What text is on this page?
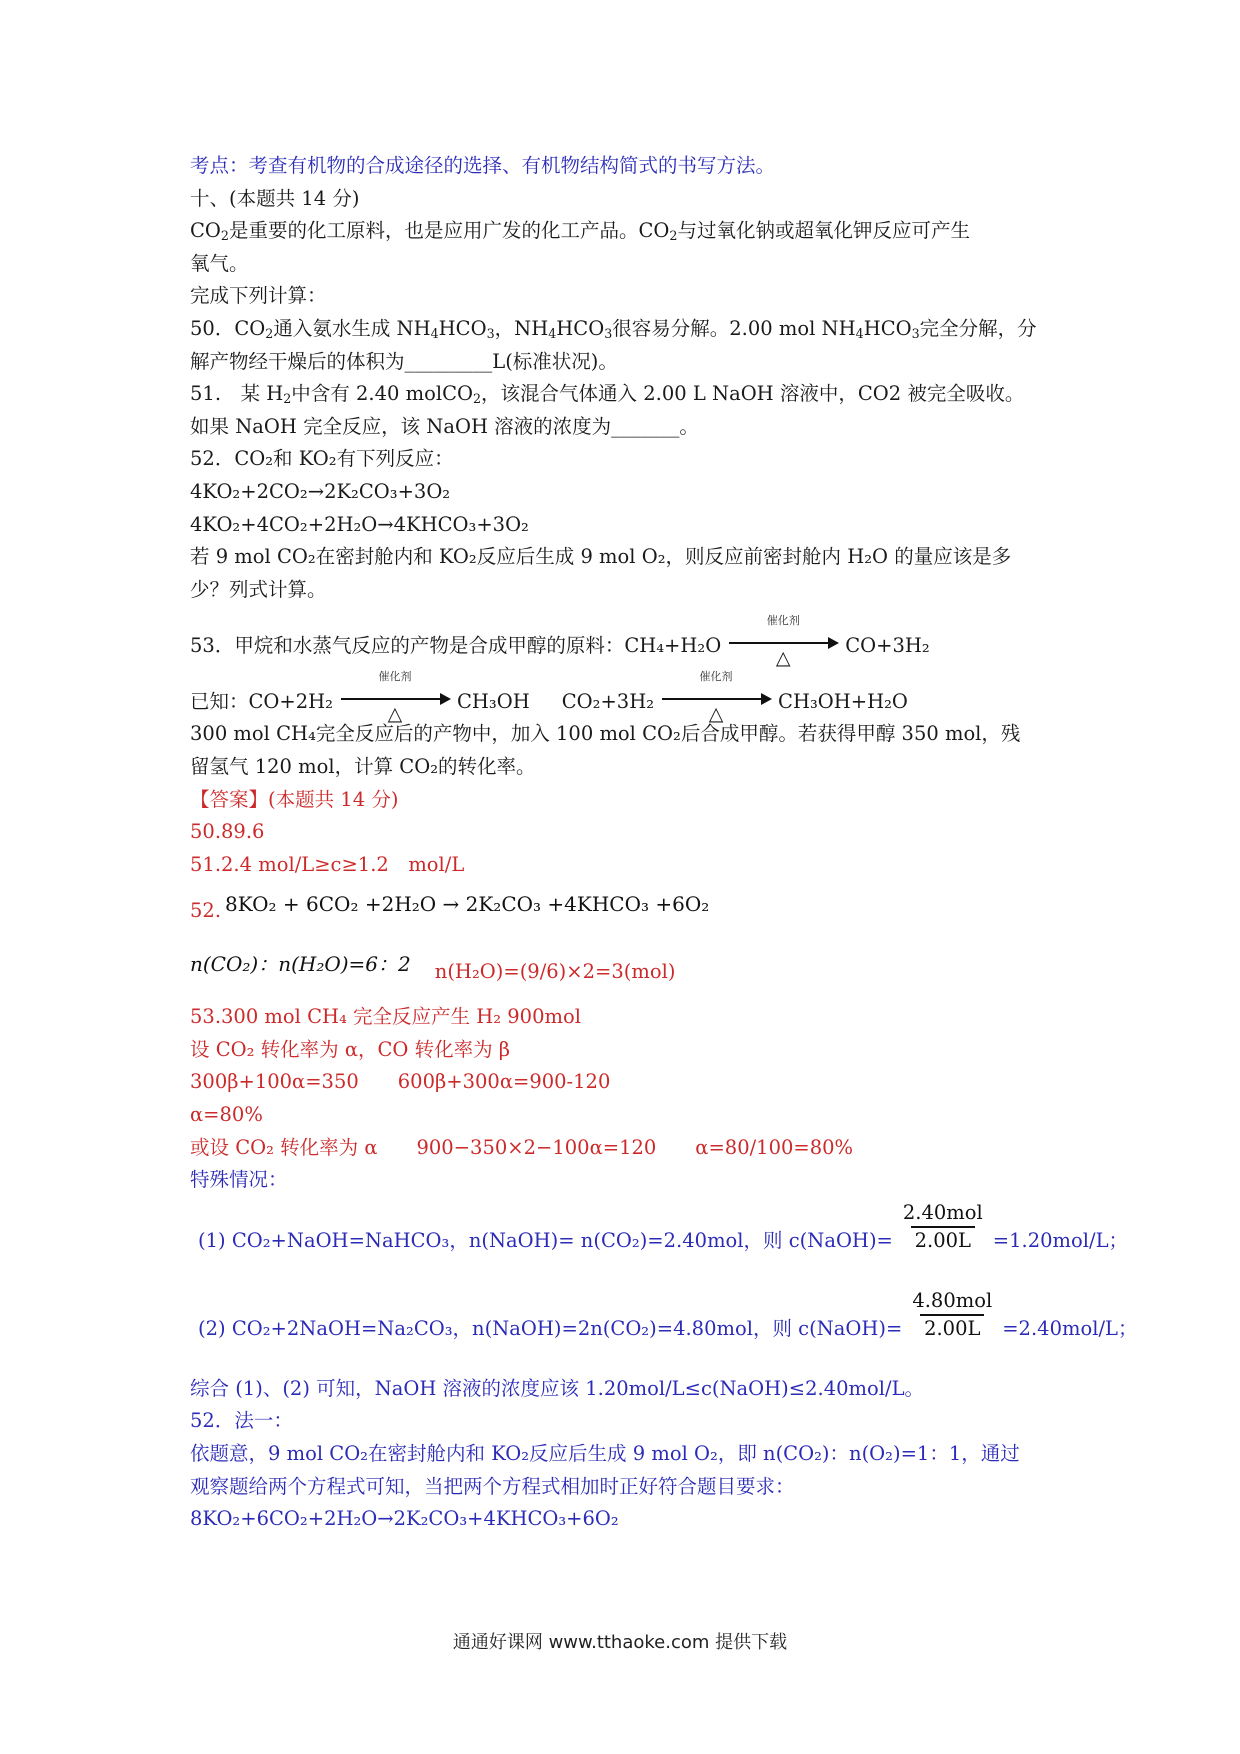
考点：考查有机物的合成途径的选择、有机物结构简式的书写方法。
十、(本题共 14 分)
$CO_2$是重要的化工原料，也是应用广发的化工产品。$CO_2$与过氧化钠或超氧化钾反应可产生
氧气。
完成下列计算：
50．$CO_2$通入氨水生成 $NH_4HCO_3$，$NH_4HCO_3$很容易分解。2.00 mol $NH_4HCO_3$完全分解，分
解产物经干燥后的体积为_________L(标准状况)。
51.　某 $H_2$中含有 2.40 molCO$_2$，该混合气体通入 2.00 L NaOH 溶液中，CO2 被完全吸收。
如果 NaOH 完全反应，该 NaOH 溶液的浓度为_______。
52．CO₂和 KO₂有下列反应：
4KO₂+2CO₂→2K₂CO₃+3O₂
4KO₂+4CO₂+2H₂O→4KHCO₃+3O₂
若 9 mol CO₂在密封舱内和 KO₂反应后生成 9 mol O₂，则反应前密封舱内 H₂O 的量应该是多
少？列式计算。
53．甲烷和水蒸气反应的产物是合成甲醇的原料：CH₄+H₂O
催化剂
△
CO+3H₂
已知：CO+2H₂
催化剂
△
CH₃OH CO₂+3H₂
催化剂
△
CH₃OH+H₂O
300 mol CH₄完全反应后的产物中，加入 100 mol CO₂后合成甲醇。若获得甲醇 350 mol，残
留氢气 120 mol，计算 CO₂的转化率。
【答案】(本题共 14 分)
50.89.6
51.2.4 mol/L≥c≥1.2　mol/L
52. 8KO₂ + 6CO₂ +2H₂O → 2K₂CO₃ +4KHCO₃ +6O₂
n(CO₂)：n(H₂O)=6：2 n(H₂O)=(9/6)×2=3(mol)
53.300 mol CH₄ 完全反应产生 H₂ 900mol
设 CO₂ 转化率为 α，CO 转化率为 β
300β+100α=350　　600β+300α=900-120
α=80%
或设 CO₂ 转化率为 α　　900−350×2−100α=120　　α=80/100=80%
特殊情况：
(1) CO₂+NaOH=NaHCO₃，n(NaOH)= n(CO₂)=2.40mol，则 c(NaOH)= $\frac{\text{2.40mol}}{2.00L} =1.20mol/L$；
(2) CO₂+2NaOH=Na₂CO₃，n(NaOH)=2n(CO₂)=4.80mol，则 c(NaOH)= $\frac{\text{4.80mol}}{2.00L} =2.40mol/L$；
综合 (1)、(2) 可知，NaOH 溶液的浓度应该 1.20mol/L≤c(NaOH)≤2.40mol/L。
52．法一：
依题意，9 mol CO₂在密封舱内和 KO₂反应后生成 9 mol O₂，即 n(CO₂)：n(O₂)=1：1，通过
观察题给两个方程式可知，当把两个方程式相加时正好符合题目要求：
8KO₂+6CO₂+2H₂O→2K₂CO₃+4KHCO₃+6O₂
通通好课网 www.tthaoke.com 提供下载
